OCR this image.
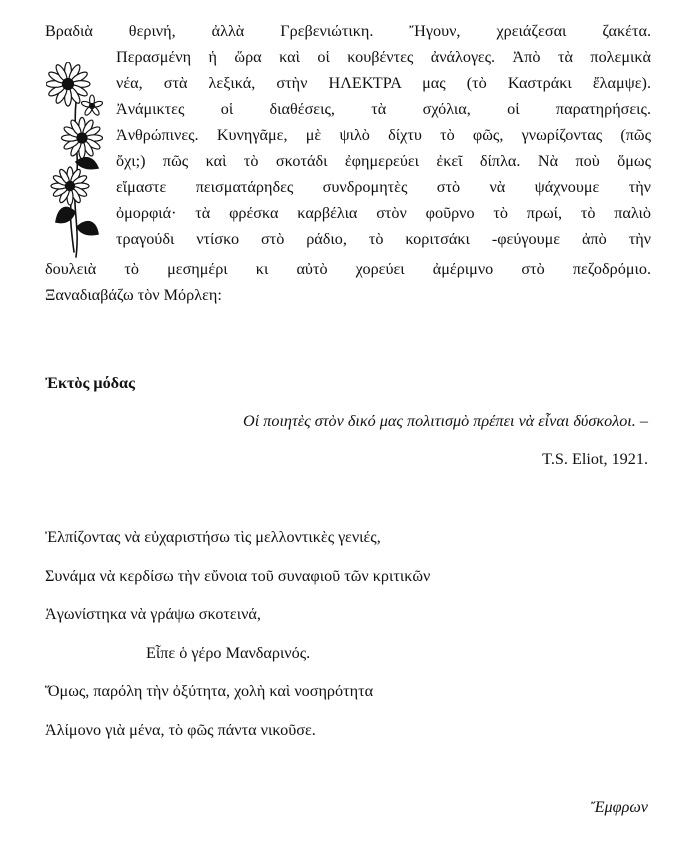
Βραδιὰ θερινή, ἀλλὰ Γρεβενιώτικη. Ἤγουν, χρειάζεσαι ζακέτα.
Περασμένη ἡ ὥρα καὶ οἱ κουβέντες ἀνάλογες. Ἀπὸ τὰ πολεμικὰ
νέα, στὰ λεξικά, στὴν ΗΛΕΚΤΡΑ μας (τὸ Καστράκι ἔλαμψε).
Ἀνάμικτες οἱ διαθέσεις, τὰ σχόλια, οἱ παρατηρήσεις.
Ἀνθρώπινες. Κυνηγᾶμε, μὲ ψιλὸ δίχτυ τὸ φῶς, γνωρίζοντας (πῶς
ὄχι;) πῶς καὶ τὸ σκοτάδι ἐφημερεύει ἐκεῖ δίπλα. Νὰ ποὺ ὅμως
εἴμαστε πεισματάρηδες συνδρομητὲς στὸ νὰ ψάχνουμε τὴν
ὀμορφιά· τὰ φρέσκα καρβέλια στὸν φοῦρνο τὸ πρωί, τὸ παλιὸ
τραγούδι ντίσκο στὸ ράδιο, τὸ κοριτσάκι -φεύγουμε ἀπὸ τὴν
δουλειὰ τὸ μεσημέρι κι αὐτὸ χορεύει ἀμέριμνο στὸ πεζοδρόμιο.
Ξαναδιαβάζω τὸν Μόρλεη:
Ἐκτὸς μόδας
Οἱ ποιητὲς στὸν δικό μας πολιτισμὸ πρέπει νὰ εἶναι δύσκολοι. –
T.S. Eliot, 1921.
Ἐλπίζοντας νὰ εὐχαριστήσω τὶς μελλοντικὲς γενιές,
Συνάμα νὰ κερδίσω τὴν εὔνοια τοῦ συναφιοῦ τῶν κριτικῶν
Ἀγωνίστηκα νὰ γράψω σκοτεινά,
Εἶπε ὁ γέρο Μανδαρινός.
Ὅμως, παρόλη τὴν ὀξύτητα, χολὴ καὶ νοσηρότητα
Ἀλίμονο γιὰ μένα, τὸ φῶς πάντα νικοῦσε.
Ἔμφρων
